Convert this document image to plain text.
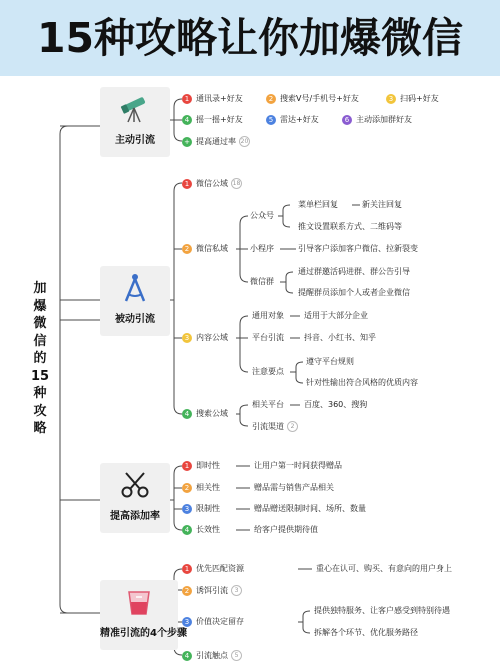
15种攻略让你加爆微信
加
爆
微
信
的
15
种
攻
略
主动引流
被动引流
提高添加率
精准引流的4个步骤
1 通讯录+好友	2 搜索V号/手机号+好友	3 扫码+好友
4 摇一摇+好友	5 雷达+好友	6 主动添加群好友
+ 提高通过率 20
1 微信公域 18
2 微信私域
公众号
菜单栏回复	新关注回复
推文设置联系方式、二维码等
小程序	引导客户添加客户微信、拉新裂变
微信群
通过群邀活码进群、群公告引导
提醒群员添加个人或者企业微信
3 内容公域
通用对象	适用于大部分企业
平台引流	抖音、小红书、知乎
注意要点
遵守平台规则
针对性输出符合风格的优质内容
4 搜索公域
相关平台	百度、360、搜狗
引流渠道	2
1 即时性	让用户第一时间获得赠品
2 相关性	赠品需与销售产品相关
3 限制性	赠品赠送限制时间、场所、数量
4 长效性	给客户提供期待值
1 优先匹配资源	重心在认可、购买、有意向的用户身上
2 诱饵引流	3
3 价值决定留存
提供独特服务、让客户感受到特别待遇
拆解各个环节、优化服务路径
4 引流触点	5
